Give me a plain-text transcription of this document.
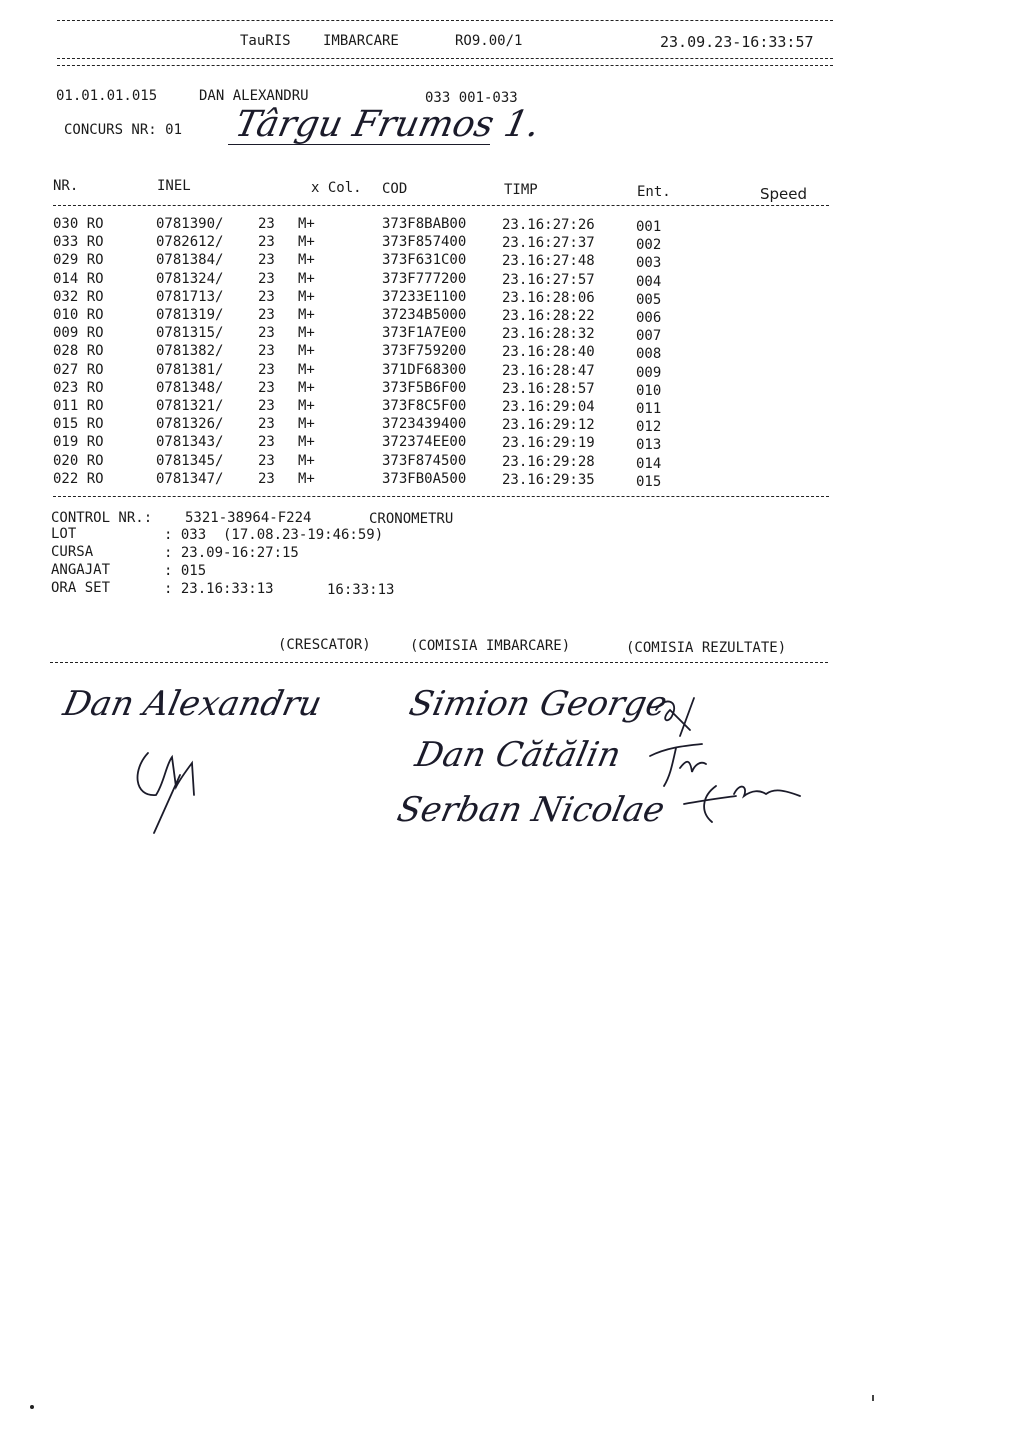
TauRIS IMBARCARE	RO9.00/1	23.09.23-16:33:57
01.01.01.015	DAN ALEXANDRU	033 001-033
CONCURS NR: 01 Târgu Frumos 1.
NR.	INEL	x Col. COD	TIMP	Ent.	Speed
030 RO	0781390/ 23 M+	373F8BAB00	23.16:27:26	001
033 RO	0782612/ 23 M+	373F857400	23.16:27:37	002
029 RO	0781384/ 23 M+	373F631C00	23.16:27:48	003
014 RO	0781324/ 23 M+	373F777200	23.16:27:57	004
032 RO	0781713/ 23 M+	37233E1100	23.16:28:06	005
010 RO	0781319/ 23 M+	37234B5000	23.16:28:22	006
009 RO	0781315/ 23 M+	373F1A7E00	23.16:28:32	007
028 RO	0781382/ 23 M+	373F759200	23.16:28:40	008
027 RO	0781381/ 23 M+	371DF68300	23.16:28:47	009
023 RO	0781348/ 23 M+	373F5B6F00	23.16:28:57	010
011 RO	0781321/ 23 M+	373F8C5F00	23.16:29:04	011
015 RO	0781326/ 23 M+	3723439400	23.16:29:12	012
019 RO	0781343/ 23 M+	372374EE00	23.16:29:19	013
020 RO	0781345/ 23 M+	373F874500	23.16:29:28	014
022 RO	0781347/ 23 M+	373FB0A500	23.16:29:35	015
CONTROL NR.: 5321-38964-F224	CRONOMETRU
LOT	: 033  (17.08.23-19:46:59)
CURSA	: 23.09-16:27:15
ANGAJAT	: 015
ORA SET	: 23.16:33:13	16:33:13
(CRESCATOR)	(COMISIA IMBARCARE)	(COMISIA REZULTATE)
Dan Alexandru Simion George
Dan Cătălin
Serban Nicolae
